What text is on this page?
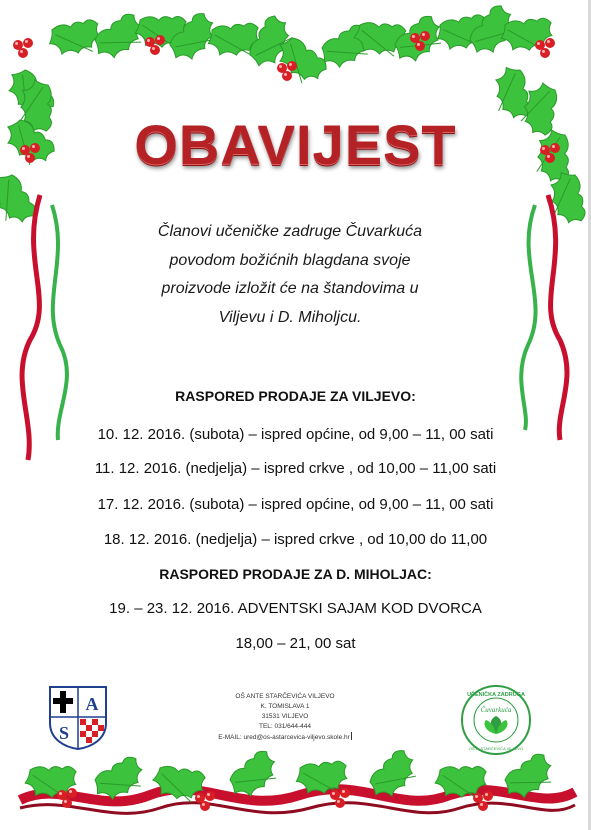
OBAVIJEST
Članovi učeničke zadruge Čuvarkuća
povodom božićnih blagdana svoje
proizvode izložit će na štandovima u
Viljevu i D. Miholjcu.
RASPORED PRODAJE ZA VILJEVO:
10. 12. 2016. (subota) – ispred općine, od 9,00 – 11, 00 sati
11. 12. 2016. (nedjelja) – ispred crkve , od 10,00 – 11,00 sati
17. 12. 2016. (subota) – ispred općine, od 9,00 – 11, 00 sati
18. 12. 2016. (nedjelja) – ispred crkve , od 10,00 do 11,00
RASPORED PRODAJE ZA D. MIHOLJAC:
19. – 23. 12. 2016. ADVENTSKI SAJAM KOD DVORCA
18,00 – 21, 00 sat
A
S
OŠ ANTE STARČEVIĆA VILJEVO
K. TOMISLAVA 1
31531 VILJEVO
TEL: 031/644-444
E-MAIL: ured@os-astarcevica-viljevo.skole.hr
UČENIČKA ZADRUGA
Čuvarkuća
OŠ A. STARČEVIĆA VILJEVO
